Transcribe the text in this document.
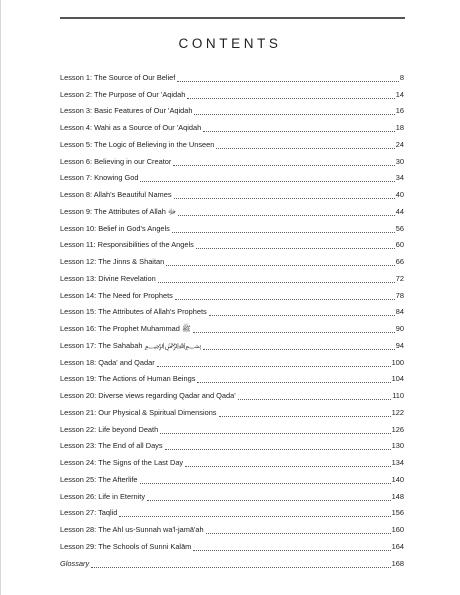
CONTENTS
Lesson 1: The Source of Our Belief	8
Lesson 2: The Purpose of Our 'Aqidah	14
Lesson 3: Basic Features of Our 'Aqidah	16
Lesson 4: Wahi as a Source of Our 'Aqidah	18
Lesson 5: The Logic of Believing in the Unseen	24
Lesson 6: Believing in our Creator	30
Lesson 7: Knowing God	34
Lesson 8: Allah's Beautiful Names	40
Lesson 9: The Attributes of Allah ﷻ	44
Lesson 10: Belief in God's Angels	56
Lesson 11: Responsibilities of the Angels	60
Lesson 12: The Jinns & Shaitan	66
Lesson 13: Divine Revelation	72
Lesson 14: The Need for Prophets	78
Lesson 15: The Attributes of Allah's Prophets	84
Lesson 16: The Prophet Muhammad ﷺ	90
Lesson 17: The Sahabah ﷽	94
Lesson 18: Qada' and Qadar	100
Lesson 19: The Actions of Human Beings	104
Lesson 20: Diverse views regarding Qadar and Qada'	110
Lesson 21: Our Physical & Spiritual Dimensions	122
Lesson 22: Life beyond Death	126
Lesson 23: The End of all Days	130
Lesson 24: The Signs of the Last Day	134
Lesson 25: The Afterlife	140
Lesson 26: Life in Eternity	148
Lesson 27: Taqlid	156
Lesson 28: The Ahl us-Sunnah wa'l-jamā'ah	160
Lesson 29: The Schools of Sunni Kalām	164
Glossary	168
